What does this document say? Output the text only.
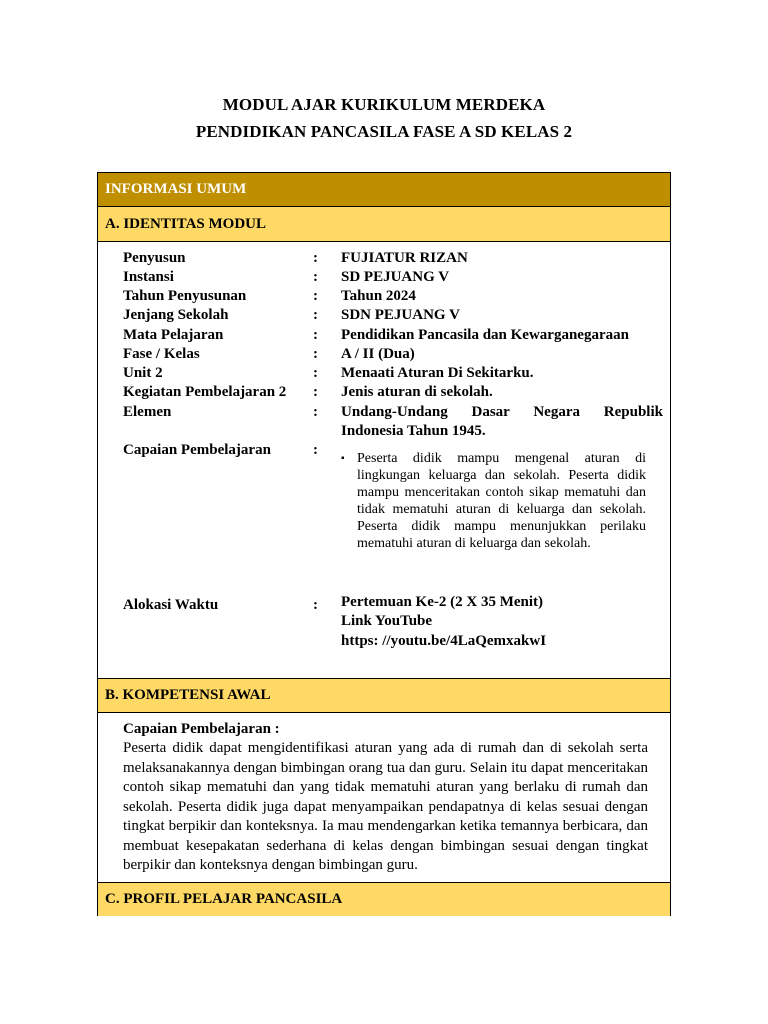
MODUL AJAR KURIKULUM MERDEKA
PENDIDIKAN PANCASILA FASE A SD KELAS 2
INFORMASI UMUM
A. IDENTITAS MODUL
Penyusun	: FUJIATUR RIZAN
Instansi	: SD PEJUANG V
Tahun Penyusunan	: Tahun 2024
Jenjang Sekolah	: SDN PEJUANG V
Mata Pelajaran	: Pendidikan Pancasila dan Kewarganegaraan
Fase / Kelas	: A / II (Dua)
Unit 2	: Menaati Aturan Di Sekitarku.
Kegiatan Pembelajaran 2 : Jenis aturan di sekolah.
Elemen	: Undang-Undang Dasar Negara Republik
Indonesia Tahun 1945.
Capaian Pembelajaran	:
▪ Peserta didik mampu mengenal aturan di lingkungan keluarga dan sekolah. Peserta didik mampu menceritakan contoh sikap mematuhi dan tidak mematuhi aturan di keluarga dan sekolah. Peserta didik mampu menunjukkan perilaku mematuhi aturan di keluarga dan sekolah.
Alokasi Waktu	: Pertemuan Ke-2 (2 X 35 Menit)
Link YouTube
https: //youtu.be/4LaQemxakwI
B. KOMPETENSI AWAL
Capaian Pembelajaran :
Peserta didik dapat mengidentifikasi aturan yang ada di rumah dan di sekolah serta melaksanakannya dengan bimbingan orang tua dan guru. Selain itu dapat menceritakan contoh sikap mematuhi dan yang tidak mematuhi aturan yang berlaku di rumah dan sekolah. Peserta didik juga dapat menyampaikan pendapatnya di kelas sesuai dengan tingkat berpikir dan konteksnya. Ia mau mendengarkan ketika temannya berbicara, dan membuat kesepakatan sederhana di kelas dengan bimbingan sesuai dengan tingkat berpikir dan konteksnya dengan bimbingan guru.
C. PROFIL PELAJAR PANCASILA
